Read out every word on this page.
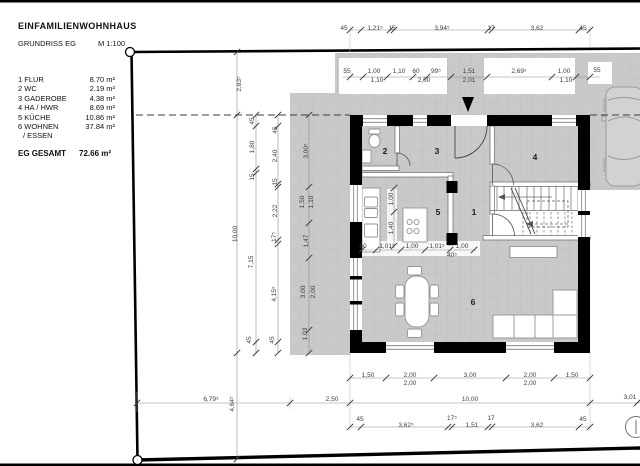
EINFAMILIENWOHNHAUS
GRUNDRISS EG	M 1:100
1 FLUR	8.70 m²
2 WC	2.19 m²
3 GADEROBE	4.38 m²
4 HA / HWR	8.69 m²
5 KÜCHE	10.86 m²
6 WOHNEN	37.84 m²
/ ESSEN
EG GESAMT 72.66 m²
45	1,21⁵ 15	3,94⁵	17	3,62	45
55	1,00 1,10 60 99⁵	1,51	2,69⁵	1,00	55
1,10	2,00	2,01	1,10
60 1,01⁵ 1,00 1,01⁵ 1,00
40⁵
1,00
1,40
1,50	2,00	3,00	2,00	1,50
2,00	2,00
6,79⁵	2,50	10,00	3,01
45
3,62⁵
17⁵
1,51
17
3,62
45
2,83⁵
10,00
4,64⁵
45
1,80
15
7,15
45
45
2,40
15
2,22
17⁵
4,15⁵
45
3,00⁵
1,50 1,10
1,47
3,00 2,00
1,03
1
2	3
4
5
6
